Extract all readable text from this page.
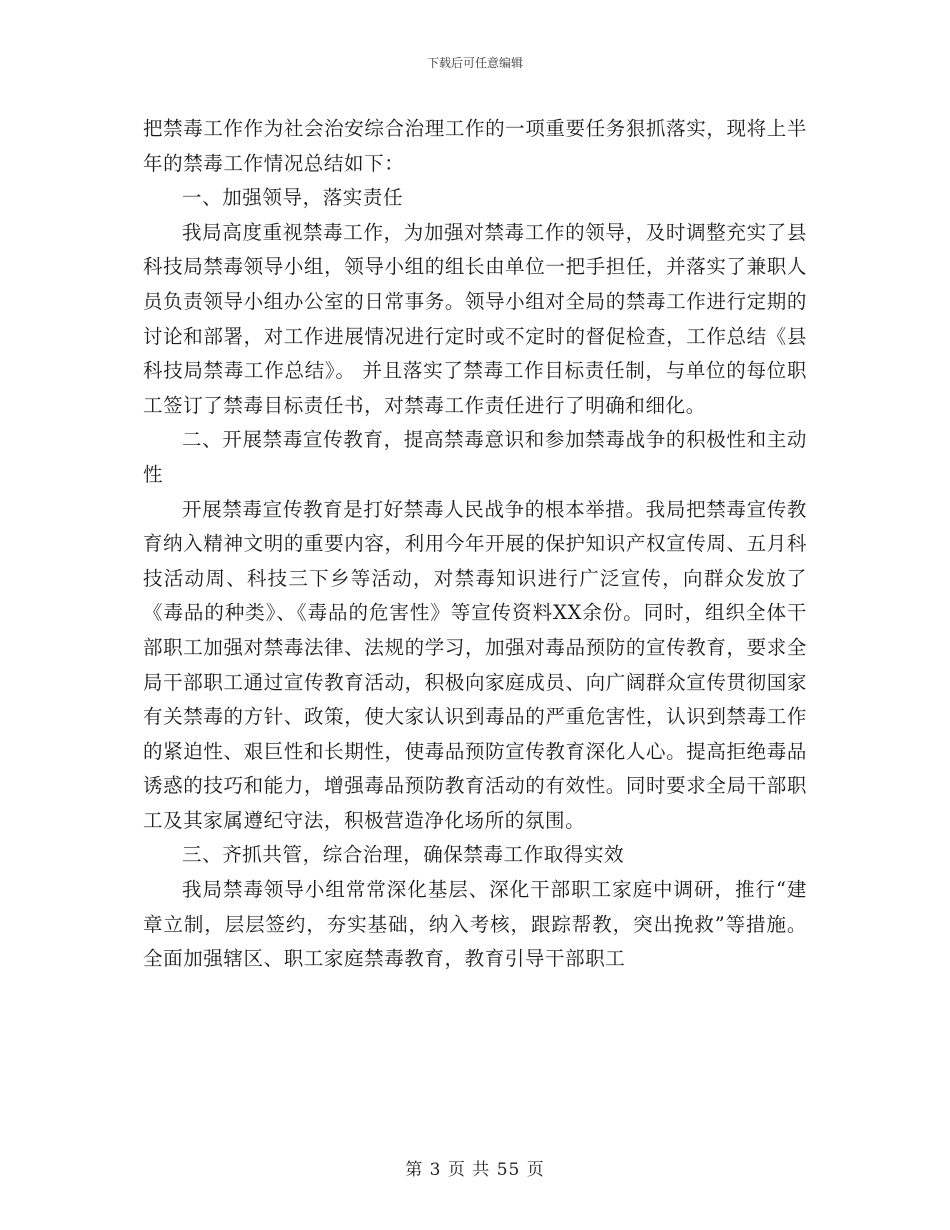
下载后可任意编辑

把禁毒工作作为社会治安综合治理工作的一项重要任务狠抓落实，现将上半年的禁毒工作情况总结如下：

一、加强领导，落实责任

我局高度重视禁毒工作，为加强对禁毒工作的领导，及时调整充实了县科技局禁毒领导小组，领导小组的组长由单位一把手担任，并落实了兼职人员负责领导小组办公室的日常事务。领导小组对全局的禁毒工作进行定期的讨论和部署，对工作进展情况进行定时或不定时的督促检查，工作总结《县科技局禁毒工作总结》。 并且落实了禁毒工作目标责任制，与单位的每位职工签订了禁毒目标责任书，对禁毒工作责任进行了明确和细化。

二、开展禁毒宣传教育，提高禁毒意识和参加禁毒战争的积极性和主动性

开展禁毒宣传教育是打好禁毒人民战争的根本举措。我局把禁毒宣传教育纳入精神文明的重要内容，利用今年开展的保护知识产权宣传周、五月科技活动周、科技三下乡等活动，对禁毒知识进行广泛宣传，向群众发放了《毒品的种类》、《毒品的危害性》等宣传资料XX余份。同时，组织全体干部职工加强对禁毒法律、法规的学习，加强对毒品预防的宣传教育，要求全局干部职工通过宣传教育活动，积极向家庭成员、向广阔群众宣传贯彻国家有关禁毒的方针、政策，使大家认识到毒品的严重危害性，认识到禁毒工作的紧迫性、艰巨性和长期性，使毒品预防宣传教育深化人心。提高拒绝毒品诱惑的技巧和能力，增强毒品预防教育活动的有效性。同时要求全局干部职工及其家属遵纪守法，积极营造净化场所的氛围。

三、齐抓共管，综合治理，确保禁毒工作取得实效

我局禁毒领导小组常常深化基层、深化干部职工家庭中调研，推行“建章立制，层层签约，夯实基础，纳入考核，跟踪帮教，突出挽救”等措施。全面加强辖区、职工家庭禁毒教育，教育引导干部职工

第 3 页 共 55 页
